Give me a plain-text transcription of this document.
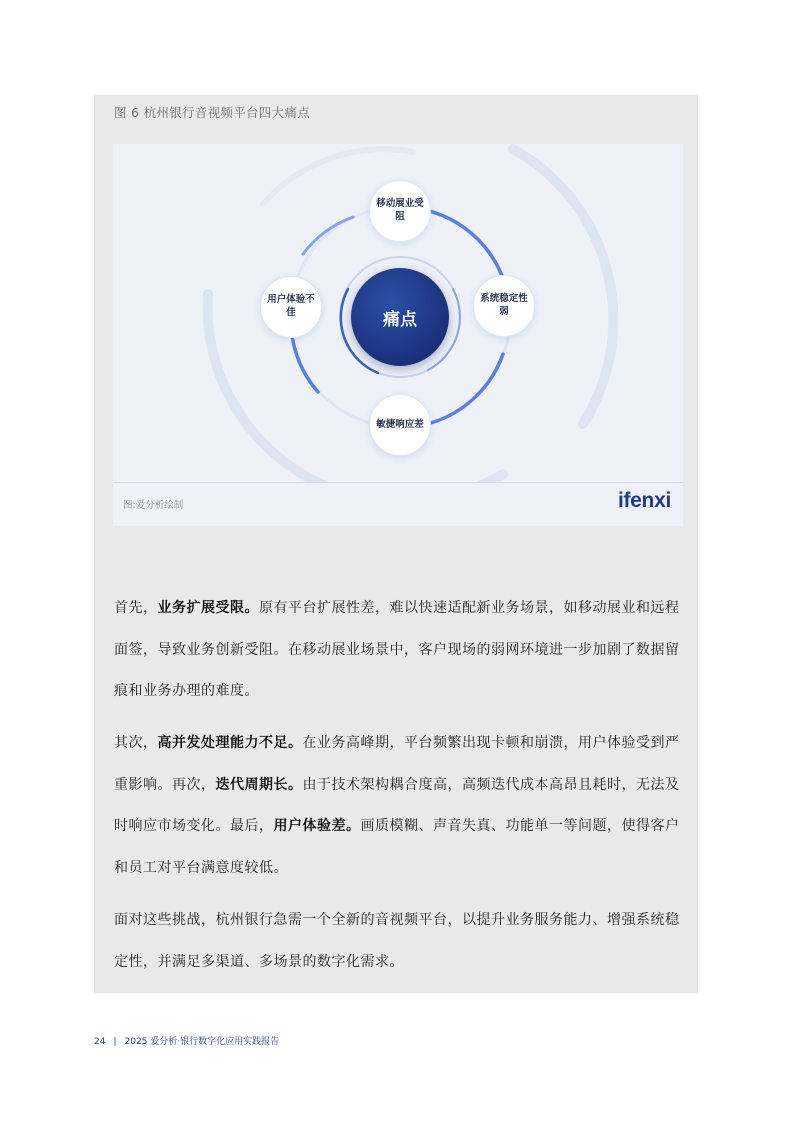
图 6 杭州银行音视频平台四大痛点
痛点
移动展业受阻
系统稳定性弱
敏捷响应差
用户体验不佳
图:爱分析绘制	ifenxi
首先，业务扩展受限。原有平台扩展性差，难以快速适配新业务场景，如移动展业和远程面签，导致业务创新受阻。在移动展业场景中，客户现场的弱网环境进一步加剧了数据留痕和业务办理的难度。
其次，高并发处理能力不足。在业务高峰期，平台频繁出现卡顿和崩溃，用户体验受到严重影响。再次，迭代周期长。由于技术架构耦合度高，高频迭代成本高昂且耗时，无法及时响应市场变化。最后，用户体验差。画质模糊、声音失真、功能单一等问题，使得客户和员工对平台满意度较低。
面对这些挑战，杭州银行急需一个全新的音视频平台，以提升业务服务能力、增强系统稳定性，并满足多渠道、多场景的数字化需求。
24 | 2025 爱分析·银行数字化应用实践报告
